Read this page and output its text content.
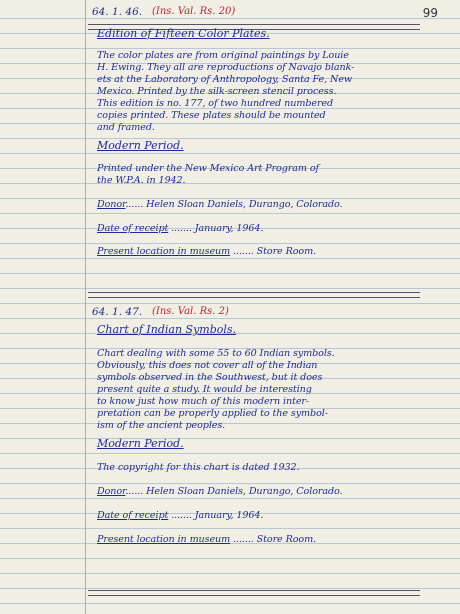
99
64. 1. 46. (Ins. Val. Rs. 20)
Edition of Fifteen Color Plates.
The color plates are from original paintings by Louie
H. Ewing. They all are reproductions of Navajo blank-
ets at the Laboratory of Anthropology, Santa Fe, New
Mexico. Printed by the silk-screen stencil process.
This edition is no. 177, of two hundred numbered
copies printed. These plates should be mounted
and framed.
Modern Period.
Printed under the New Mexico Art Program of
the W.P.A. in 1942.
Donor...... Helen Sloan Daniels, Durango, Colorado.
Date of receipt ....... January, 1964.
Present location in museum ....... Store Room.
64. 1. 47. (Ins. Val. Rs. 2)
Chart of Indian Symbols.
Chart dealing with some 55 to 60 Indian symbols.
Obviously, this does not cover all of the Indian
symbols observed in the Southwest, but it does
present quite a study. It would be interesting
to know just how much of this modern inter-
pretation can be properly applied to the symbol-
ism of the ancient peoples.
Modern Period.
The copyright for this chart is dated 1932.
Donor...... Helen Sloan Daniels, Durango, Colorado.
Date of receipt ....... January, 1964.
Present location in museum ....... Store Room.
